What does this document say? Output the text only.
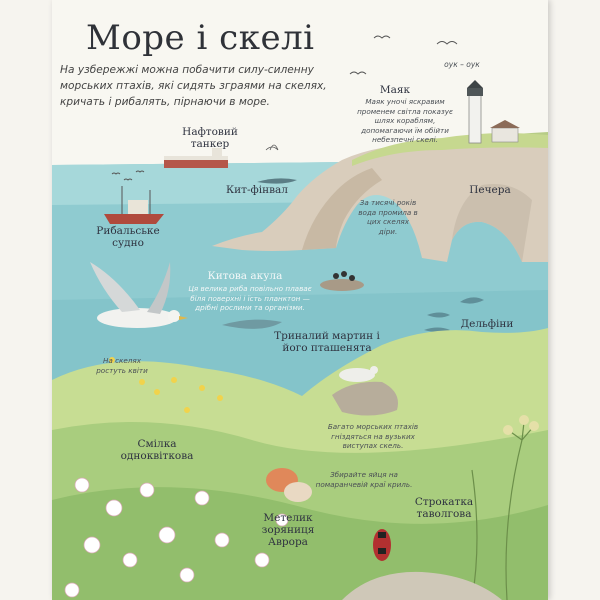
Море і скелі
На узбережжі можна побачити силу-силенну морських птахів, які сидять зграями на скелях, кричать і рибалять, пірнаючи в море.
оук – оук
Нафтовий танкер
Кит-фінвал
Рибальське судно
Маяк
Маяк уночі яскравим променем світла показує шлях кораблям, допомагаючи їм обійти небезпечні скелі.
Печера
За тисячі років вода промила в цих скелях діри.
Китова акула
Ця велика риба повільно плаває біля поверхні і їсть планктон — дрібні рослини та організми.
Дельфіни
Триналий мартин і його пташенята
Багато морських птахів гніздяться на вузьких виступах скель.
На скелях ростуть квіти
Смілка одноквіткова
Збирайте яйця на помаранчевій краї криль.
Метелик зоряниця Аврора
Строкатка таволгова
